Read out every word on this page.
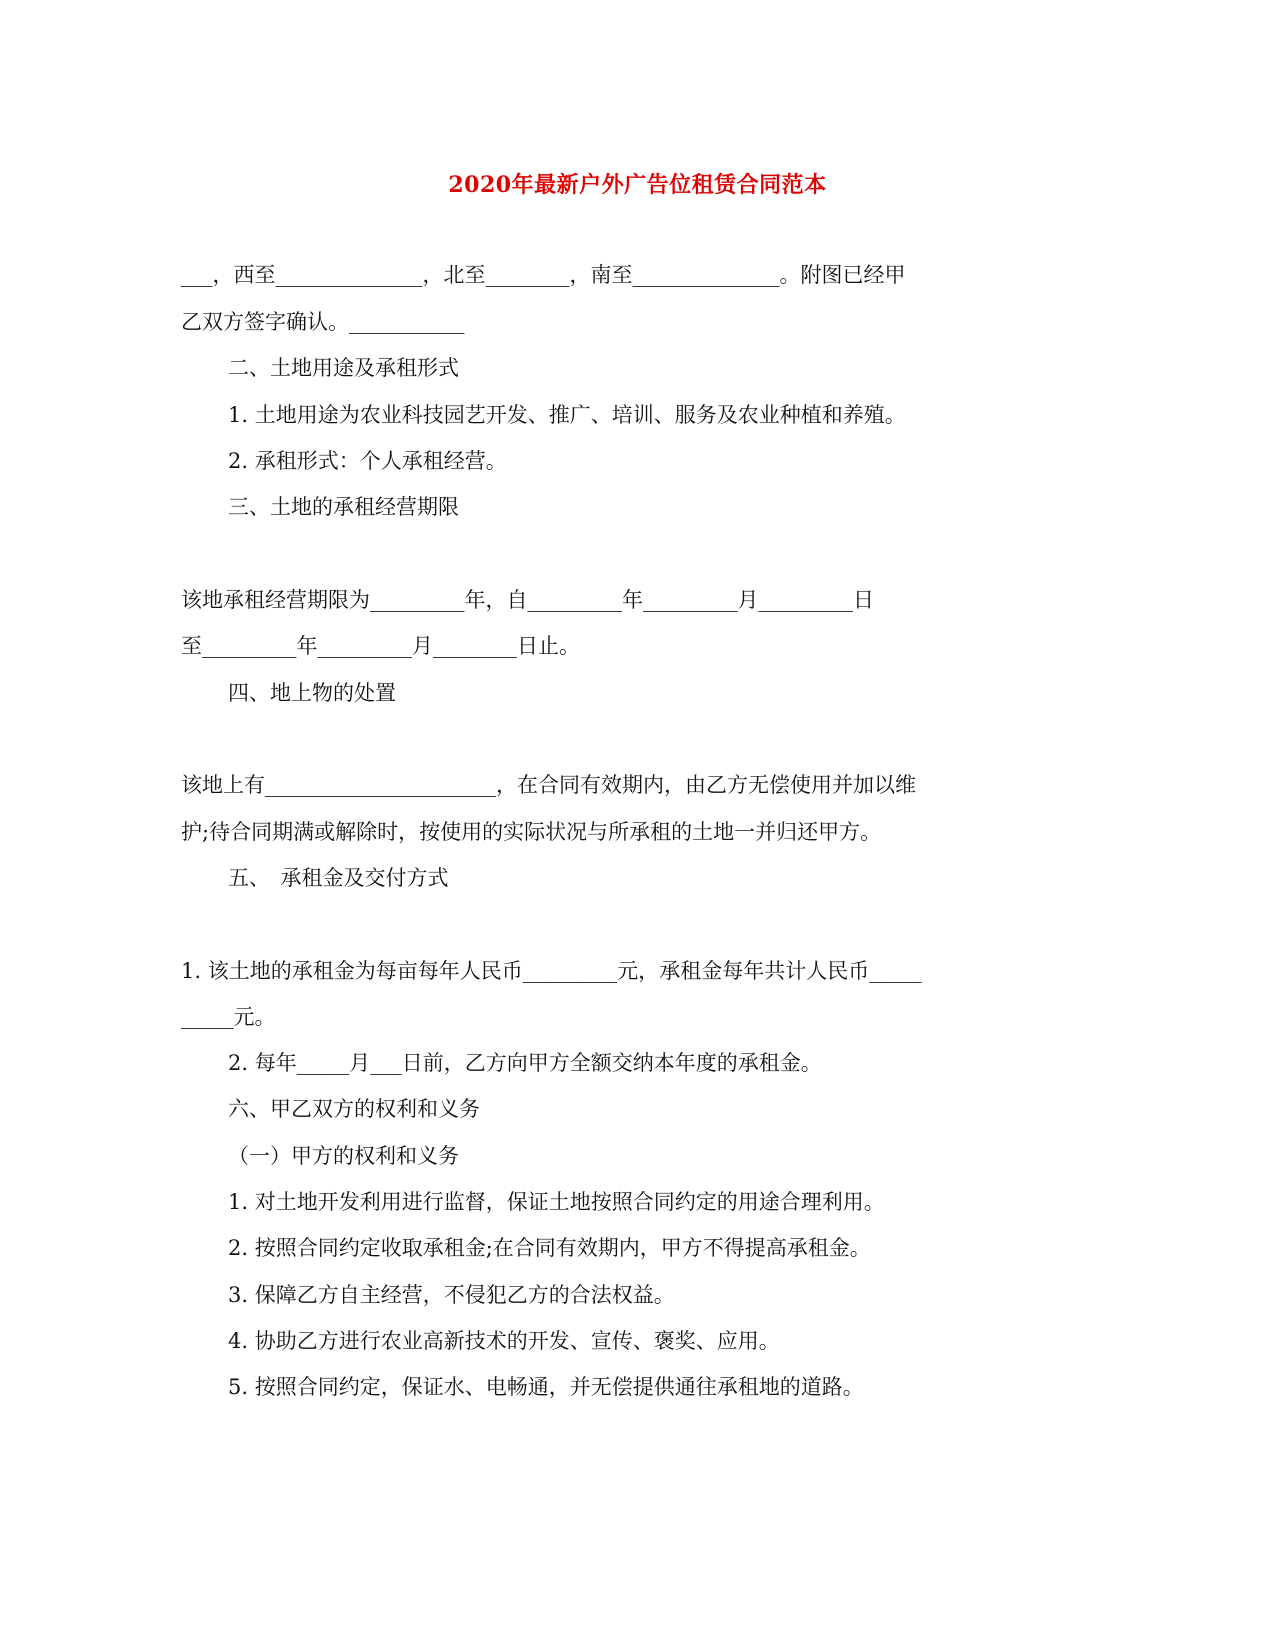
2020年最新户外广告位租赁合同范本
___，西至______________，北至________，南至______________。附图已经甲
乙双方签字确认。___________
二、土地用途及承租形式
1. 土地用途为农业科技园艺开发、推广、培训、服务及农业种植和养殖。
2. 承租形式：个人承租经营。
三、土地的承租经营期限
该地承租经营期限为_________年，自_________年_________月_________日
至_________年_________月________日止。
四、地上物的处置
该地上有______________________，在合同有效期内，由乙方无偿使用并加以维
护;待合同期满或解除时，按使用的实际状况与所承租的土地一并归还甲方。
五、　承租金及交付方式
1. 该土地的承租金为每亩每年人民币_________元，承租金每年共计人民币_____
_____元。
2. 每年_____月___日前，乙方向甲方全额交纳本年度的承租金。
六、甲乙双方的权利和义务
（一）甲方的权利和义务
1. 对土地开发利用进行监督，保证土地按照合同约定的用途合理利用。
2. 按照合同约定收取承租金;在合同有效期内，甲方不得提高承租金。
3. 保障乙方自主经营，不侵犯乙方的合法权益。
4. 协助乙方进行农业高新技术的开发、宣传、褒奖、应用。
5. 按照合同约定，保证水、电畅通，并无偿提供通往承租地的道路。
